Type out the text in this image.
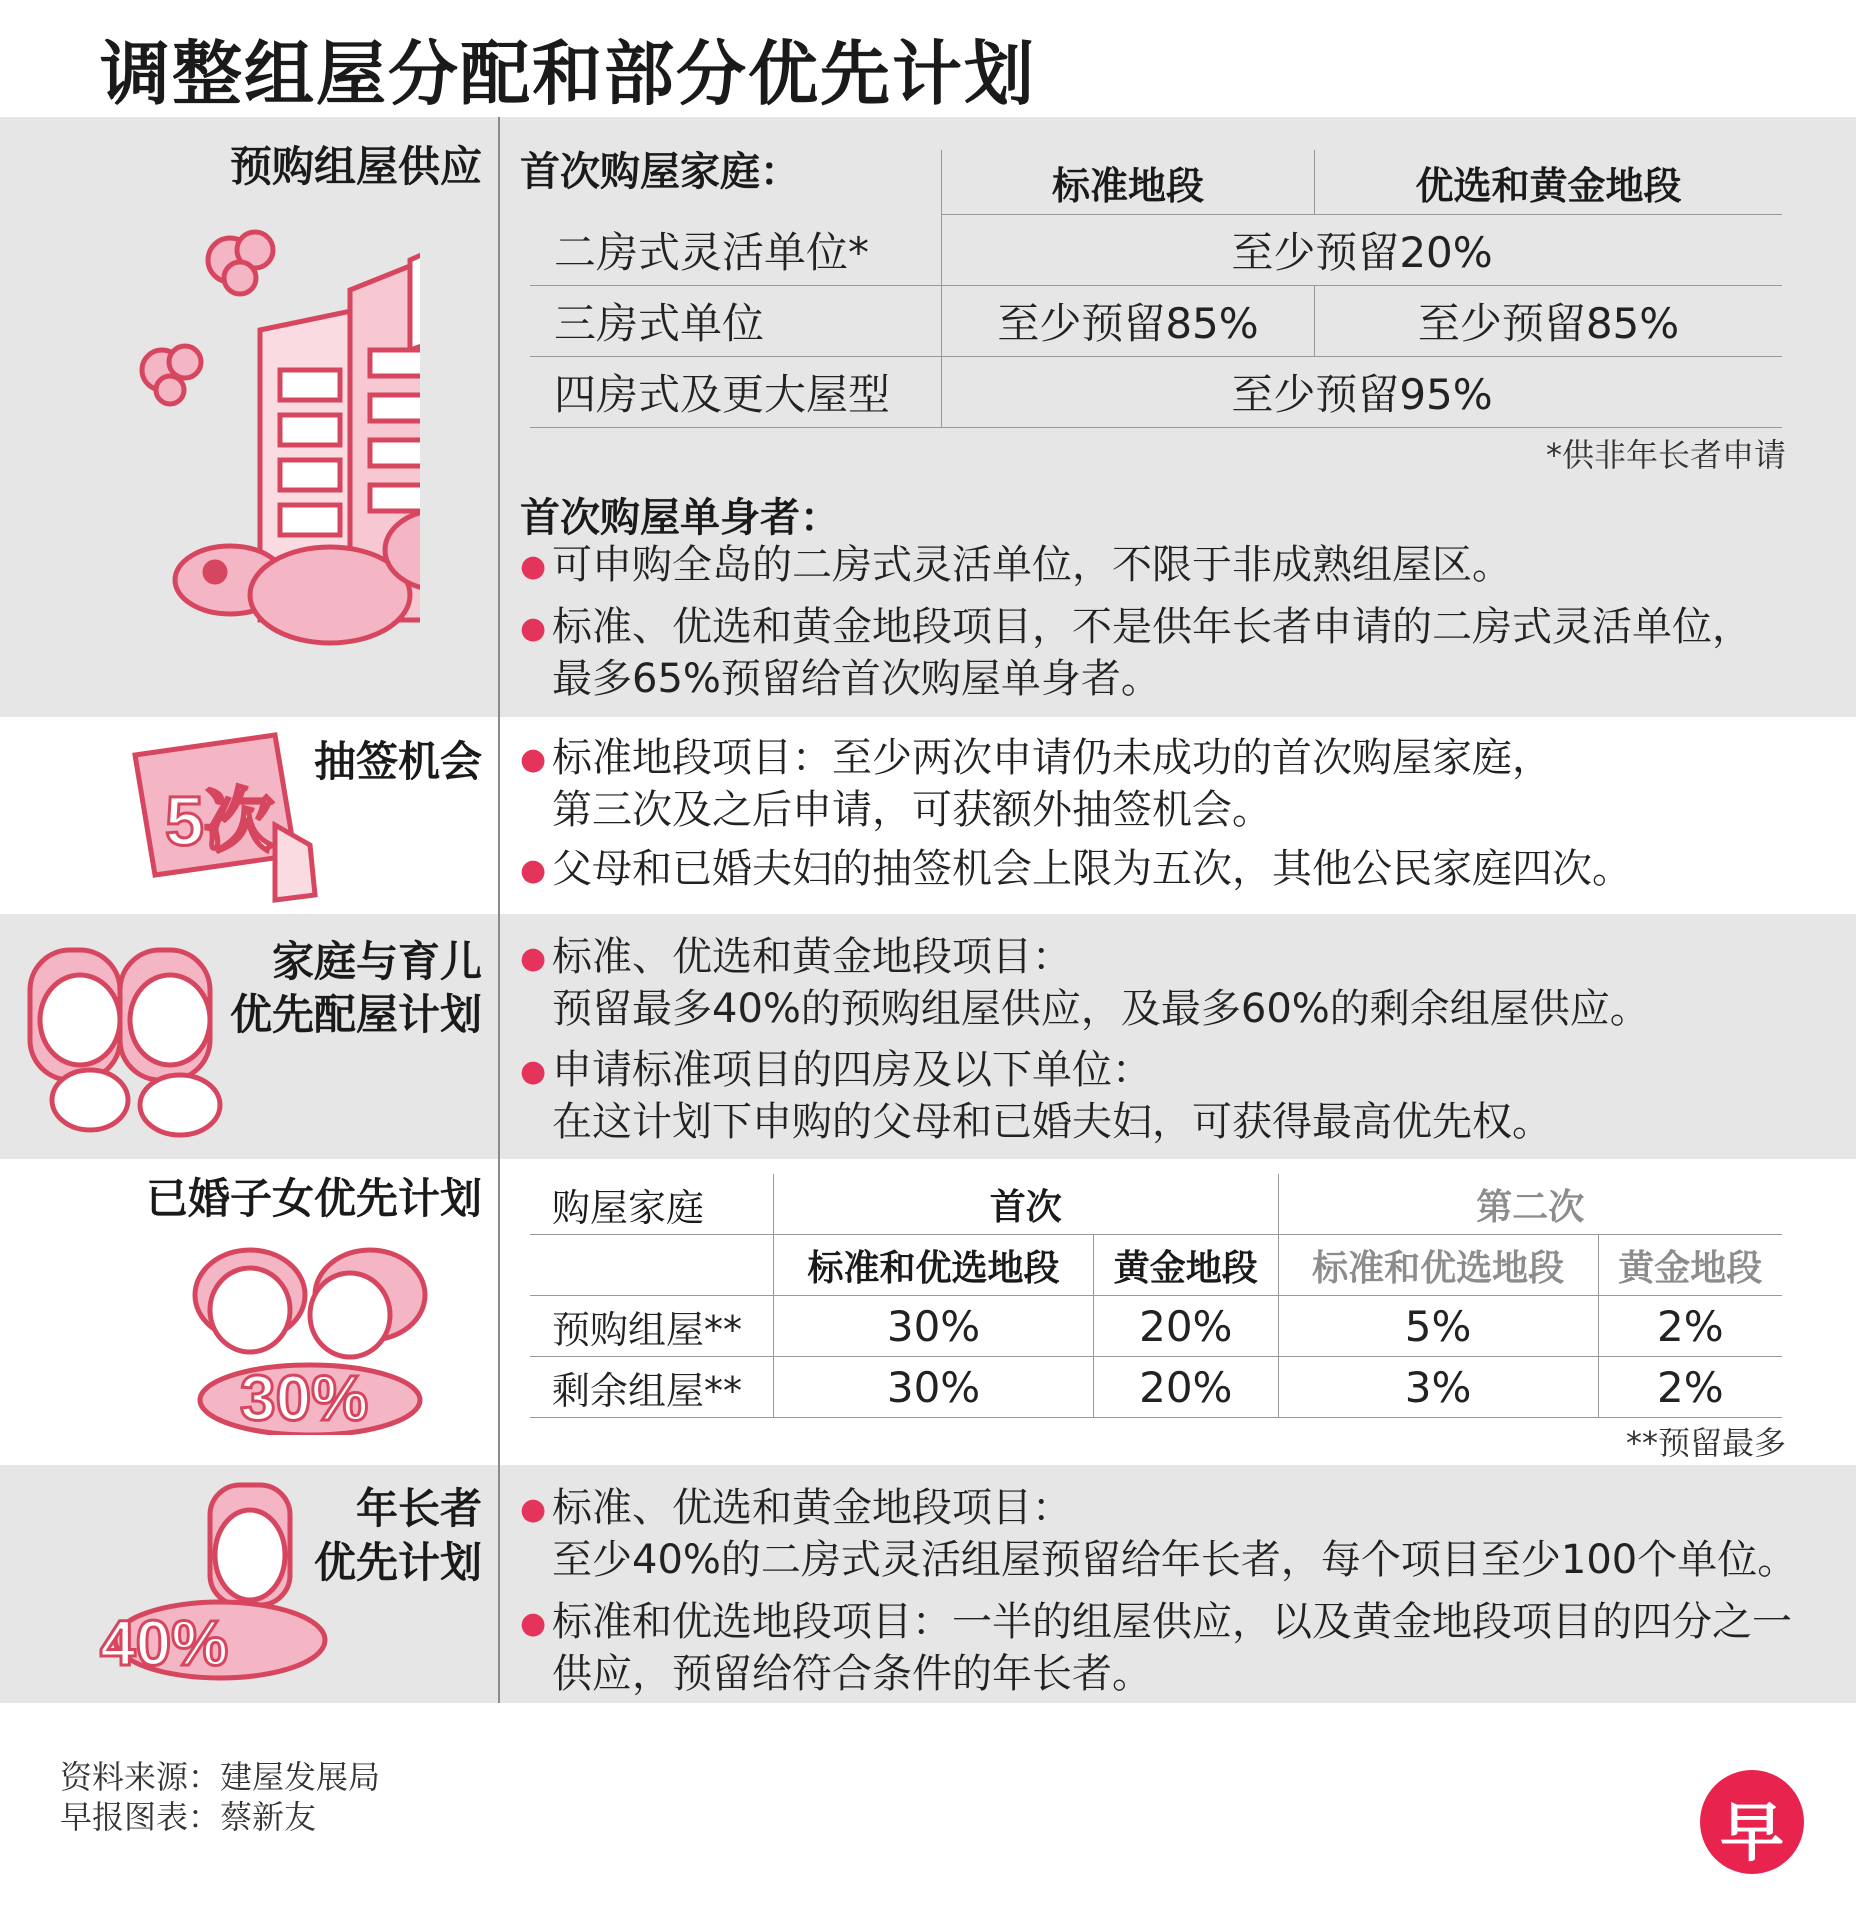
调整组屋分配和部分优先计划
预购组屋供应 首次购屋家庭：
		标准地段	优选和黄金地段
二房式灵活单位*	至少预留20%	
三房式单位	至少预留85%	至少预留85%
四房式及更大屋型	至少预留95%	
*供非年长者申请
首次购屋单身者：
● 可申购全岛的二房式灵活单位，不限于非成熟组屋区。
● 标准、优选和黄金地段项目，不是供年长者申请的二房式灵活单位，
最多65%预留给首次购屋单身者。
抽签机会
5次
● 标准地段项目：至少两次申请仍未成功的首次购屋家庭，
第三次及之后申请，可获额外抽签机会。
● 父母和已婚夫妇的抽签机会上限为五次，其他公民家庭四次。
家庭与育儿
优先配屋计划
● 标准、优选和黄金地段项目：
预留最多40%的预购组屋供应，及最多60%的剩余组屋供应。
● 申请标准项目的四房及以下单位：
在这计划下申购的父母和已婚夫妇，可获得最高优先权。
已婚子女优先计划
30%
购屋家庭	首次		第二次	
	标准和优选地段	黄金地段	标准和优选地段	黄金地段
预购组屋**	30%	20%	5%	2%
剩余组屋**	30%	20%	3%	2%
**预留最多
年长者
优先计划
40%
● 标准、优选和黄金地段项目：
至少40%的二房式灵活组屋预留给年长者，每个项目至少100个单位。
● 标准和优选地段项目：一半的组屋供应，以及黄金地段项目的四分之一
供应，预留给符合条件的年长者。
资料来源：建屋发展局
早报图表：蔡新友	早
